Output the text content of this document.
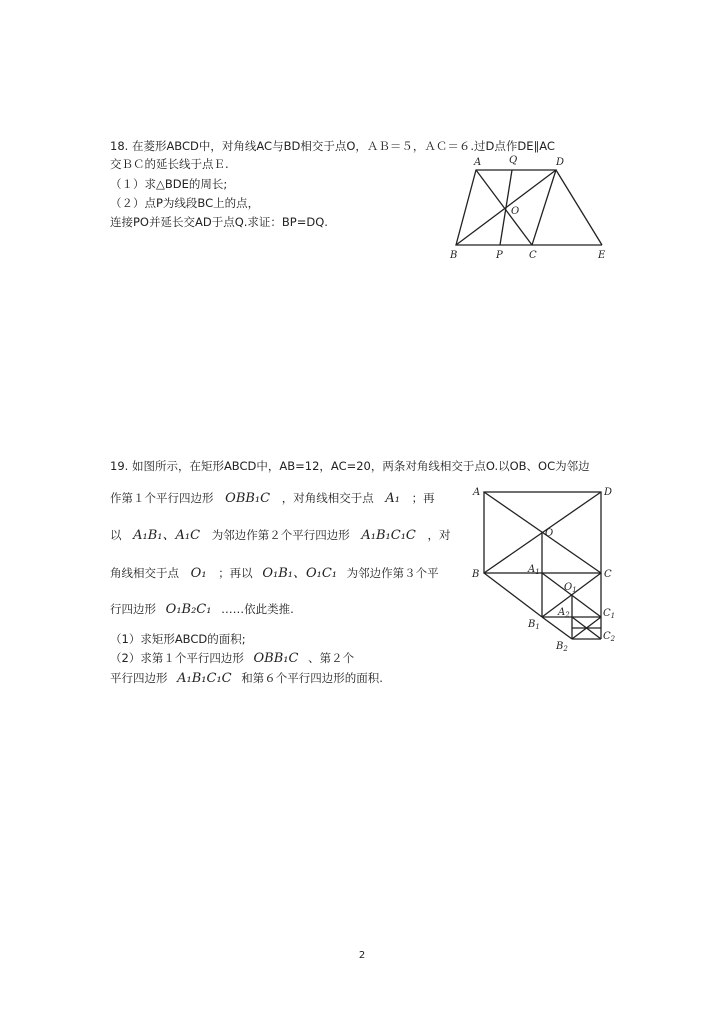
18. 在菱形ABCD中，对角线AC与BD相交于点O，ＡＢ＝５，ＡＣ＝６.过D点作DE∥AC
交ＢＣ的延长线于点Ｅ.
（１）求△BDE的周长;
（２）点P为线段BC上的点，
连接PO并延长交AD于点Q.求证：BP=DQ.
A	Q	D
O
B	P	C	E
19. 如图所示，在矩形ABCD中，AB=12，AC=20，两条对角线相交于点O.以OB、OC为邻边
作第１个平行四边形 OBB₁C ，对角线相交于点 A₁ ；再
以 A₁B₁、A₁C 为邻边作第２个平行四边形 A₁B₁C₁C ，对
角线相交于点 O₁ ；再以 O₁B₁、O₁C₁ 为邻边作第３个平
行四边形 O₁B₂C₁ ……依此类推.
（1）求矩形ABCD的面积;
（2）求第１个平行四边形 OBB₁C 、第２个
平行四边形 A₁B₁C₁C 和第６个平行四边形的面积.
A	D
O
B	C
$A_1$
$O_1$
$B_1$
$C_1$
$A_2$
$C_2$
$B_2$
2
